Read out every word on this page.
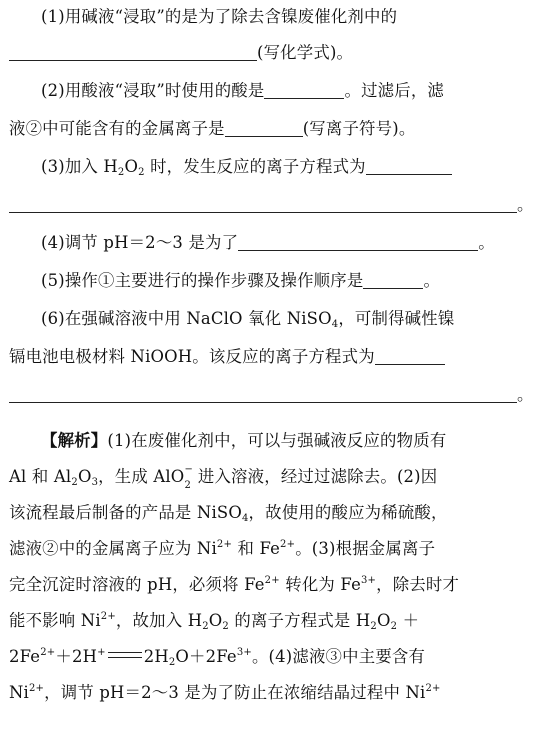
(1)用碱液“浸取”的是为了除去含镍废催化剂中的
(写化学式)。
(2)用酸液“浸取”时使用的酸是	。过滤后，滤
液②中可能含有的金属离子是	(写离子符号)。
(3)加入 $H_2O_2$ 时，发生反应的离子方程式为
。
(4)调节 pH＝2～3 是为了	。
(5)操作①主要进行的操作步骤及操作顺序是	。
(6)在强碱溶液中用 NaClO 氧化 NiSO$_4$，可制得碱性镍
镉电池电极材料 NiOOH。该反应的离子方程式为
。
【解析】(1)在废催化剂中，可以与强碱液反应的物质有
Al 和 $Al_2O_3$，生成 AlO −
2 进入溶液，经过过滤除去。(2)因
该流程最后制备的产品是 NiSO$_4$，故使用的酸应为稀硫酸，
滤液②中的金属离子应为 $Ni^{2+}$ 和 $Fe^{2+}$。(3)根据金属离子
完全沉淀时溶液的 pH，必须将 $Fe^{2+}$ 转化为 $Fe^{3+}$，除去时才
能不影响 $Ni^{2+}$，故加入 $H_2O_2$ 的离子方程式是 $H_2O_2$ ＋
$2Fe^{2+}+2H^+$ $2H_2O+2Fe^{3+}$。(4)滤液③中主要含有
$Ni^{2+}$，调节 pH＝2～3 是为了防止在浓缩结晶过程中 $Ni^{2+}$
